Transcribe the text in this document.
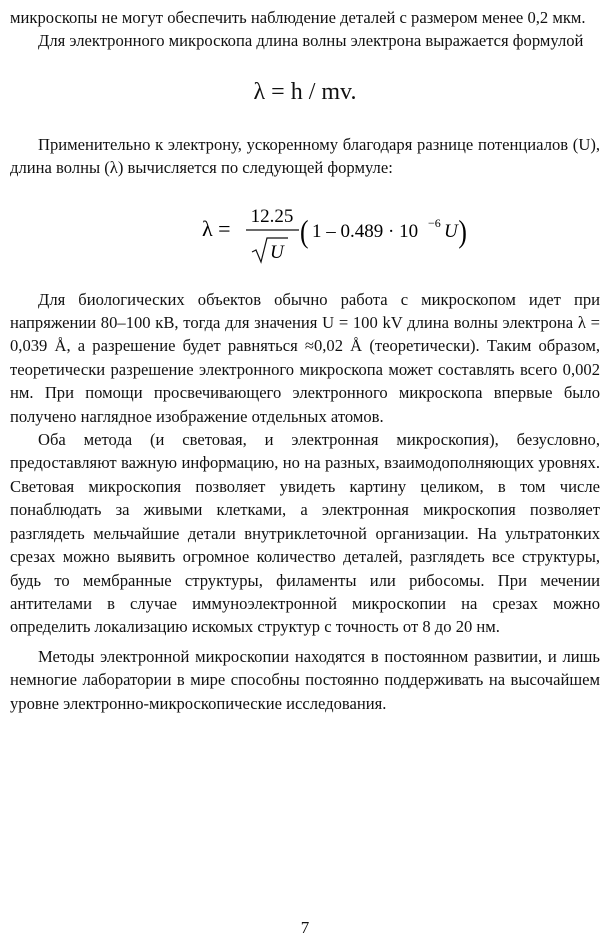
микроскопы не могут обеспечить наблюдение деталей с размером менее 0,2 мкм.

Для электронного микроскопа длина волны электрона выражается формулой

λ = h / mv.

Применительно к электрону, ускоренному благодаря разнице потенциалов (U), длина волны (λ) вычисляется по следующей формуле:

λ = 12.25
U
( 1 – 0.489 · 10 −6 U )

Для биологических объектов обычно работа с микроскопом идет при напряжении 80–100 кВ, тогда для значения U = 100 kV длина волны электрона λ = 0,039 Å, а разрешение будет равняться ≈0,02 Å (теоретически). Таким образом, теоретически разрешение электронного микроскопа может составлять всего 0,002 нм. При помощи просвечивающего электронного микроскопа впервые было получено наглядное изображение отдельных атомов.

Оба метода (и световая, и электронная микроскопия), безусловно, предоставляют важную информацию, но на разных, взаимодополняющих уровнях. Световая микроскопия позволяет увидеть картину целиком, в том числе понаблюдать за живыми клетками, а электронная микроскопия позволяет разглядеть мельчайшие детали внутриклеточной организации. На ультратонких срезах можно выявить огромное количество деталей, разглядеть все структуры, будь то мембранные структуры, филаменты или рибосомы. При мечении антителами в случае иммуноэлектронной микроскопии на срезах можно определить локализацию искомых структур с точность от 8 до 20 нм.

Методы электронной микроскопии находятся в постоянном развитии, и лишь немногие лаборатории в мире способны постоянно поддерживать на высочайшем уровне электронно-микроскопические исследования.

7
